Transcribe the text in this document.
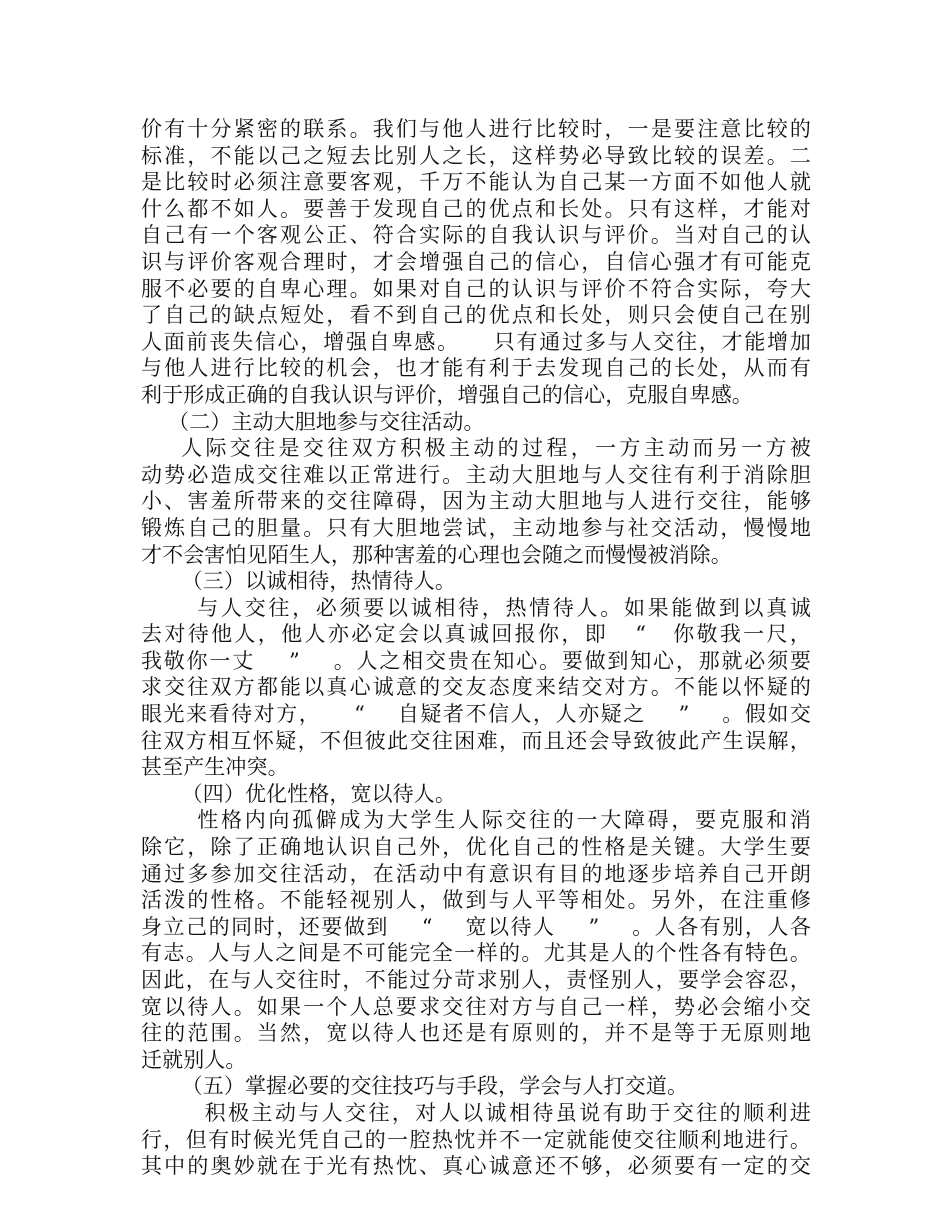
价有十分紧密的联系。我们与他人进行比较时，一是要注意比较的
标准，不能以己之短去比别人之长，这样势必导致比较的误差。二
是比较时必须注意要客观，千万不能认为自己某一方面不如他人就
什么都不如人。要善于发现自己的优点和长处。只有这样，才能对
自己有一个客观公正、符合实际的自我认识与评价。当对自己的认
识与评价客观合理时，才会增强自己的信心，自信心强才有可能克
服不必要的自卑心理。如果对自己的认识与评价不符合实际，夸大
了自己的缺点短处，看不到自己的优点和长处，则只会使自己在别
人面前丧失信心，增强自卑感。    只有通过多与人交往，才能增加
与他人进行比较的机会，也才能有利于去发现自己的长处，从而有
利于形成正确的自我认识与评价，增强自己的信心，克服自卑感。
（二）主动大胆地参与交往活动。
人际交往是交往双方积极主动的过程，一方主动而另一方被
动势必造成交往难以正常进行。主动大胆地与人交往有利于消除胆
小、害羞所带来的交往障碍，因为主动大胆地与人进行交往，能够
锻炼自己的胆量。只有大胆地尝试，主动地参与社交活动，慢慢地
才不会害怕见陌生人，那种害羞的心理也会随之而慢慢被消除。
（三）以诚相待，热情待人。
与人交往，必须要以诚相待，热情待人。如果能做到以真诚
去对待他人，他人亦必定会以真诚回报你，即   “   你敬我一尺，
我敬你一丈    ”    。人之相交贵在知心。要做到知心，那就必须要
求交往双方都能以真心诚意的交友态度来结交对方。不能以怀疑的
眼光来看待对方，    “    自疑者不信人，人亦疑之    ”    。假如交
往双方相互怀疑，不但彼此交往困难，而且还会导致彼此产生误解，
甚至产生冲突。
（四）优化性格，宽以待人。
性格内向孤僻成为大学生人际交往的一大障碍，要克服和消
除它，除了正确地认识自己外，优化自己的性格是关键。大学生要
通过多参加交往活动，在活动中有意识有目的地逐步培养自己开朗
活泼的性格。不能轻视别人，做到与人平等相处。另外，在注重修
身立己的同时，还要做到    “    宽以待人    ”    。人各有别，人各
有志。人与人之间是不可能完全一样的。尤其是人的个性各有特色。
因此，在与人交往时，不能过分苛求别人，责怪别人，要学会容忍，
宽以待人。如果一个人总要求交往对方与自己一样，势必会缩小交
往的范围。当然，宽以待人也还是有原则的，并不是等于无原则地
迁就别人。
（五）掌握必要的交往技巧与手段，学会与人打交道。
积极主动与人交往，对人以诚相待虽说有助于交往的顺利进
行，但有时候光凭自己的一腔热忱并不一定就能使交往顺利地进行。
其中的奥妙就在于光有热忱、真心诚意还不够，必须要有一定的交
